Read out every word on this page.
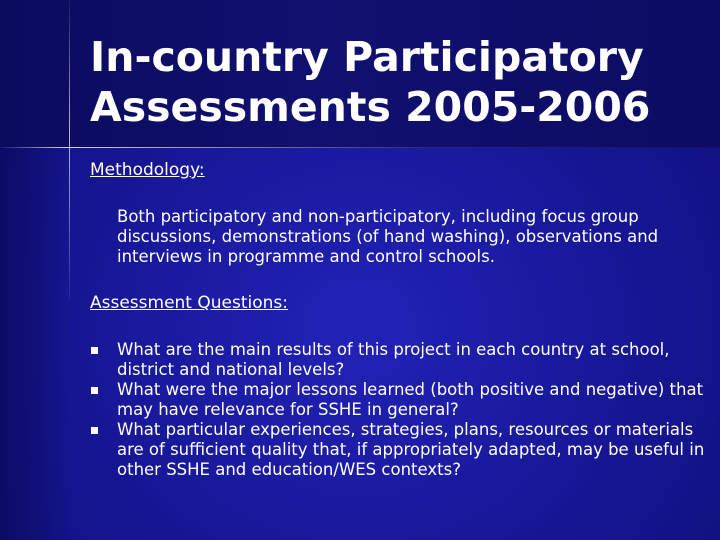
In-country Participatory
Assessments 2005-2006
Methodology:

Both participatory and non-participatory, including focus group discussions, demonstrations (of hand washing), observations and interviews in programme and control schools.

Assessment Questions:
What are the main results of this project in each country at school, district and national levels?
What were the major lessons learned (both positive and negative) that may have relevance for SSHE in general?
What particular experiences, strategies, plans, resources or materials are of sufficient quality that, if appropriately adapted, may be useful in other SSHE and education/WES contexts?
